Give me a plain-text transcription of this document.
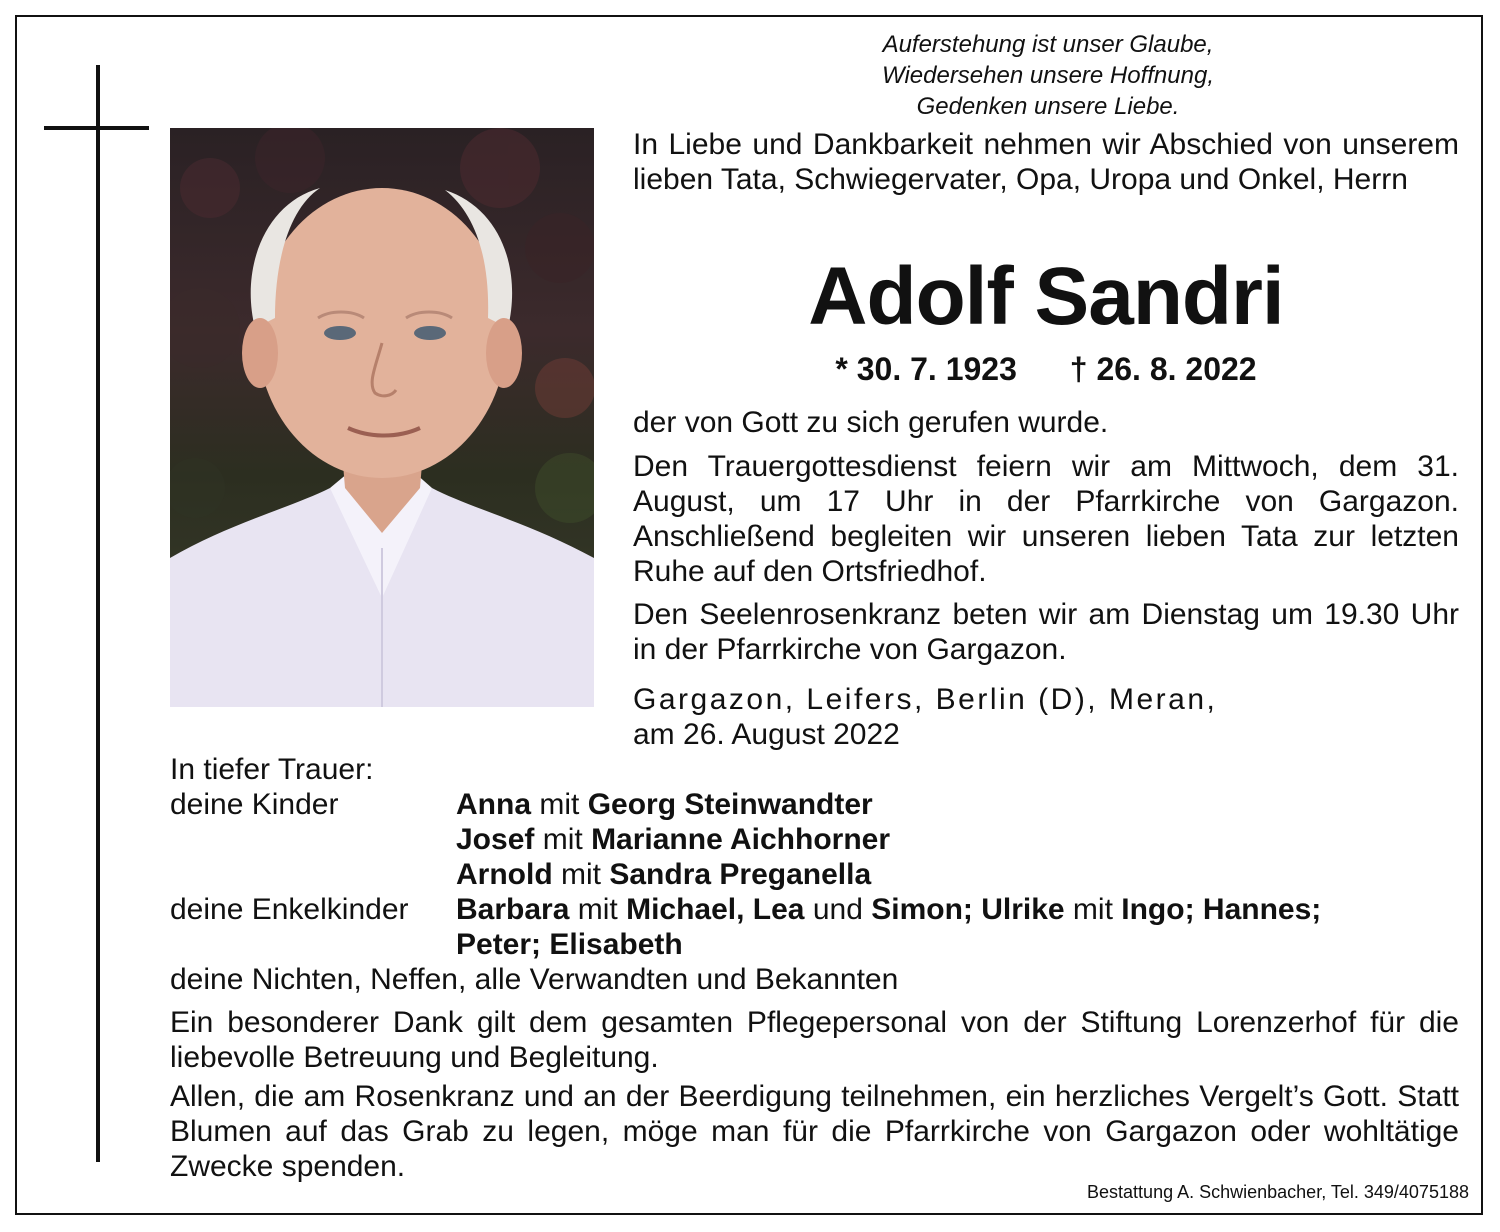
Auferstehung ist unser Glaube,
Wiedersehen unsere Hoffnung,
Gedenken unsere Liebe.
In Liebe und Dankbarkeit nehmen wir Abschied von unserem lieben Tata, Schwiegervater, Opa, Uropa und Onkel, Herrn
Adolf Sandri
* 30. 7. 1923 † 26. 8. 2022
der von Gott zu sich gerufen wurde.
Den Trauergottesdienst feiern wir am Mittwoch, dem 31. August, um 17 Uhr in der Pfarrkirche von Gargazon. Anschließend begleiten wir unseren lieben Tata zur letzten Ruhe auf den Ortsfriedhof.
Den Seelenrosenkranz beten wir am Dienstag um 19.30 Uhr in der Pfarrkirche von Gargazon.
Gargazon, Leifers, Berlin (D), Meran,
am 26. August 2022
In tiefer Trauer:
deine Kinder	Anna mit Georg Steinwandter
Josef mit Marianne Aichhorner
Arnold mit Sandra Preganella
deine Enkelkinder	Barbara mit Michael, Lea und Simon; Ulrike mit Ingo; Hannes;
Peter; Elisabeth
deine Nichten, Neffen, alle Verwandten und Bekannten
Ein besonderer Dank gilt dem gesamten Pflegepersonal von der Stiftung Lorenzerhof für die liebevolle Betreuung und Begleitung.
Allen, die am Rosenkranz und an der Beerdigung teilnehmen, ein herzliches Vergelt’s Gott. Statt Blumen auf das Grab zu legen, möge man für die Pfarrkirche von Gargazon oder wohltätige Zwecke spenden.
Bestattung A. Schwienbacher, Tel. 349/4075188
